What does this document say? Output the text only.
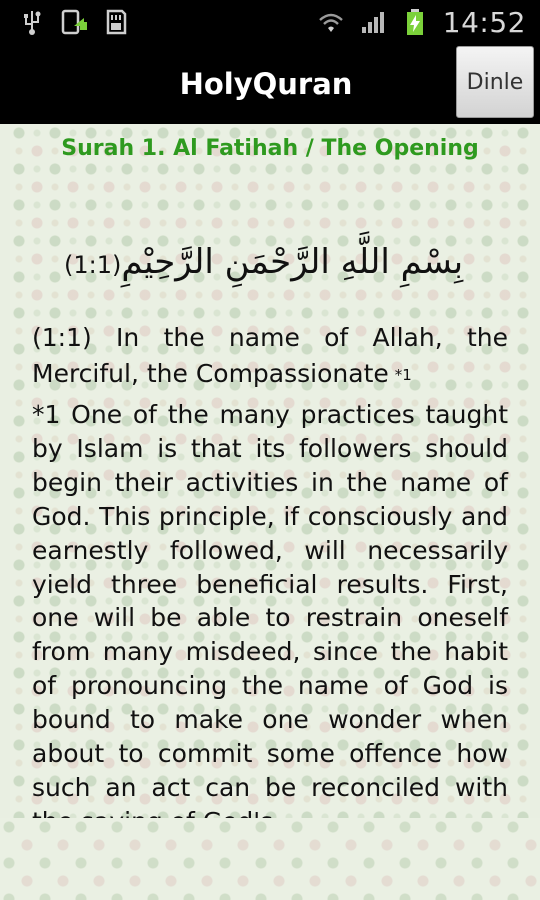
14:52
HolyQuran	Dinle
Surah 1. Al Fatihah / The Opening
بِسْمِ اللَّهِ الرَّحْمَنِ الرَّحِيْمِ(1:1)
(1:1) In the name of Allah, the Merciful, the Compassionate *1
*1 One of the many practices taught by Islam is that its followers should begin their activities in the name of God. This principle, if consciously and earnestly followed, will necessarily yield three beneficial results. First, one will be able to restrain oneself from many misdeed, since the habit of pronouncing the name of God is bound to make one wonder when about to commit some offence how such an act can be reconciled with
